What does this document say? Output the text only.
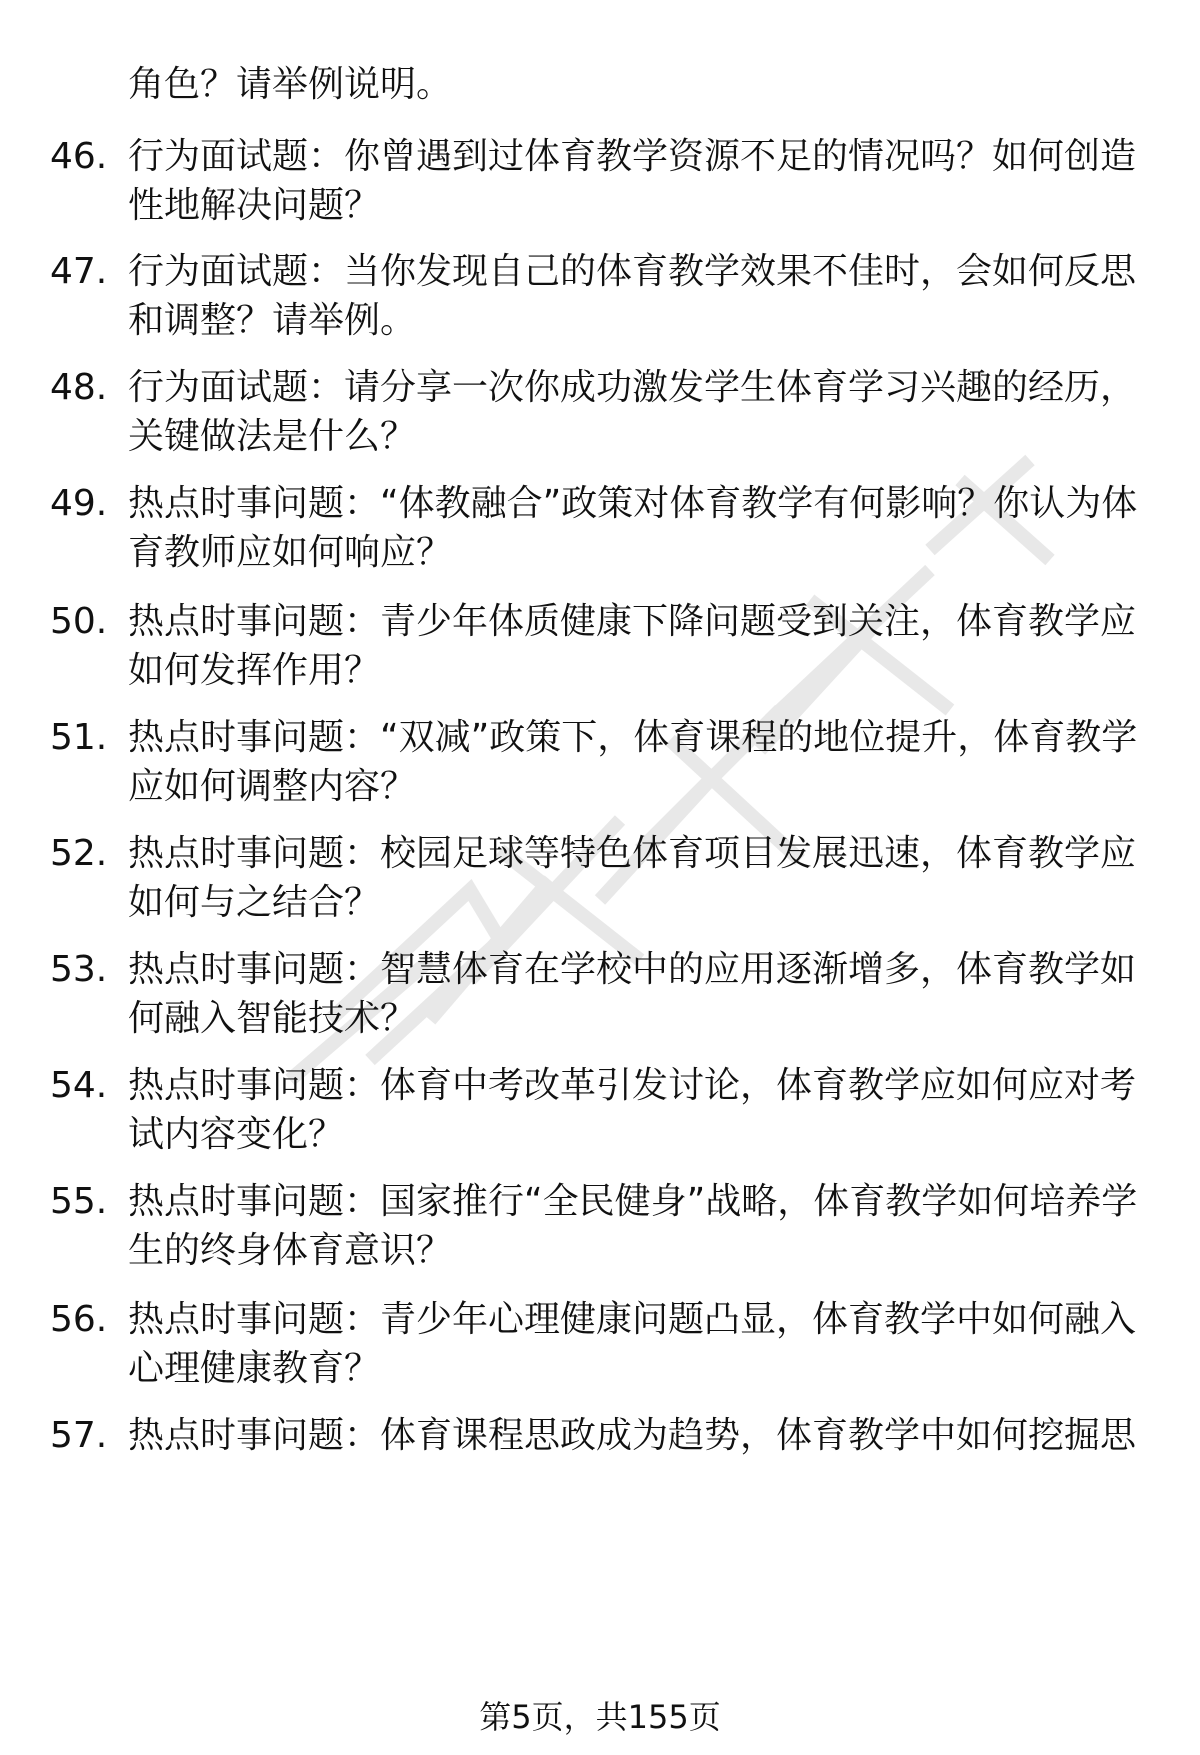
角色？请举例说明。
46. 行为面试题：你曾遇到过体育教学资源不足的情况吗？如何创造性地解决问题？
47. 行为面试题：当你发现自己的体育教学效果不佳时，会如何反思和调整？请举例。
48. 行为面试题：请分享一次你成功激发学生体育学习兴趣的经历，关键做法是什么？
49. 热点时事问题：“体教融合”政策对体育教学有何影响？你认为体育教师应如何响应？
50. 热点时事问题：青少年体质健康下降问题受到关注，体育教学应如何发挥作用？
51. 热点时事问题：“双减”政策下，体育课程的地位提升，体育教学应如何调整内容？
52. 热点时事问题：校园足球等特色体育项目发展迅速，体育教学应如何与之结合？
53. 热点时事问题：智慧体育在学校中的应用逐渐增多，体育教学如何融入智能技术？
54. 热点时事问题：体育中考改革引发讨论，体育教学应如何应对考试内容变化？
55. 热点时事问题：国家推行“全民健身”战略，体育教学如何培养学生的终身体育意识？
56. 热点时事问题：青少年心理健康问题凸显，体育教学中如何融入心理健康教育？
57. 热点时事问题：体育课程思政成为趋势，体育教学中如何挖掘思
第5页，共155页
